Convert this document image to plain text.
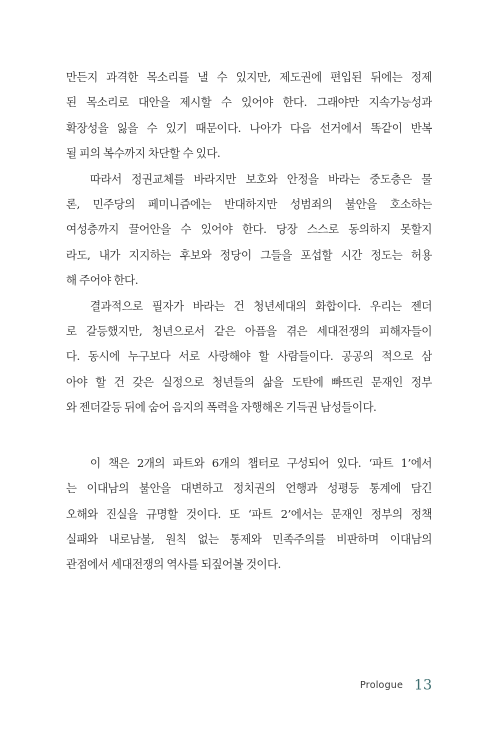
만든지 과격한 목소리를 낼 수 있지만, 제도권에 편입된 뒤에는 정제
된 목소리로 대안을 제시할 수 있어야 한다. 그래야만 지속가능성과
확장성을 잃을 수 있기 때문이다. 나아가 다음 선거에서 똑같이 반복
될 피의 복수까지 차단할 수 있다.

따라서 정권교체를 바라지만 보호와 안정을 바라는 중도층은 물
론, 민주당의 페미니즘에는 반대하지만 성범죄의 불안을 호소하는
여성층까지 끌어안을 수 있어야 한다. 당장 스스로 동의하지 못할지
라도, 내가 지지하는 후보와 정당이 그들을 포섭할 시간 정도는 허용
해 주어야 한다.

결과적으로 필자가 바라는 건 청년세대의 화합이다. 우리는 젠더
로 갈등했지만, 청년으로서 같은 아픔을 겪은 세대전쟁의 피해자들이
다. 동시에 누구보다 서로 사랑해야 할 사람들이다. 공공의 적으로 삼
아야 할 건 갖은 실정으로 청년들의 삶을 도탄에 빠뜨린 문재인 정부
와 젠더갈등 뒤에 숨어 음지의 폭력을 자행해온 기득권 남성들이다.

이 책은 2개의 파트와 6개의 챕터로 구성되어 있다. ‘파트 1’에서
는 이대남의 불안을 대변하고 정치권의 언행과 성평등 통계에 담긴
오해와 진실을 규명할 것이다. 또 ‘파트 2’에서는 문재인 정부의 정책
실패와 내로남불, 원칙 없는 통제와 민족주의를 비판하며 이대남의
관점에서 세대전쟁의 역사를 되짚어볼 것이다.

Prologue 13
